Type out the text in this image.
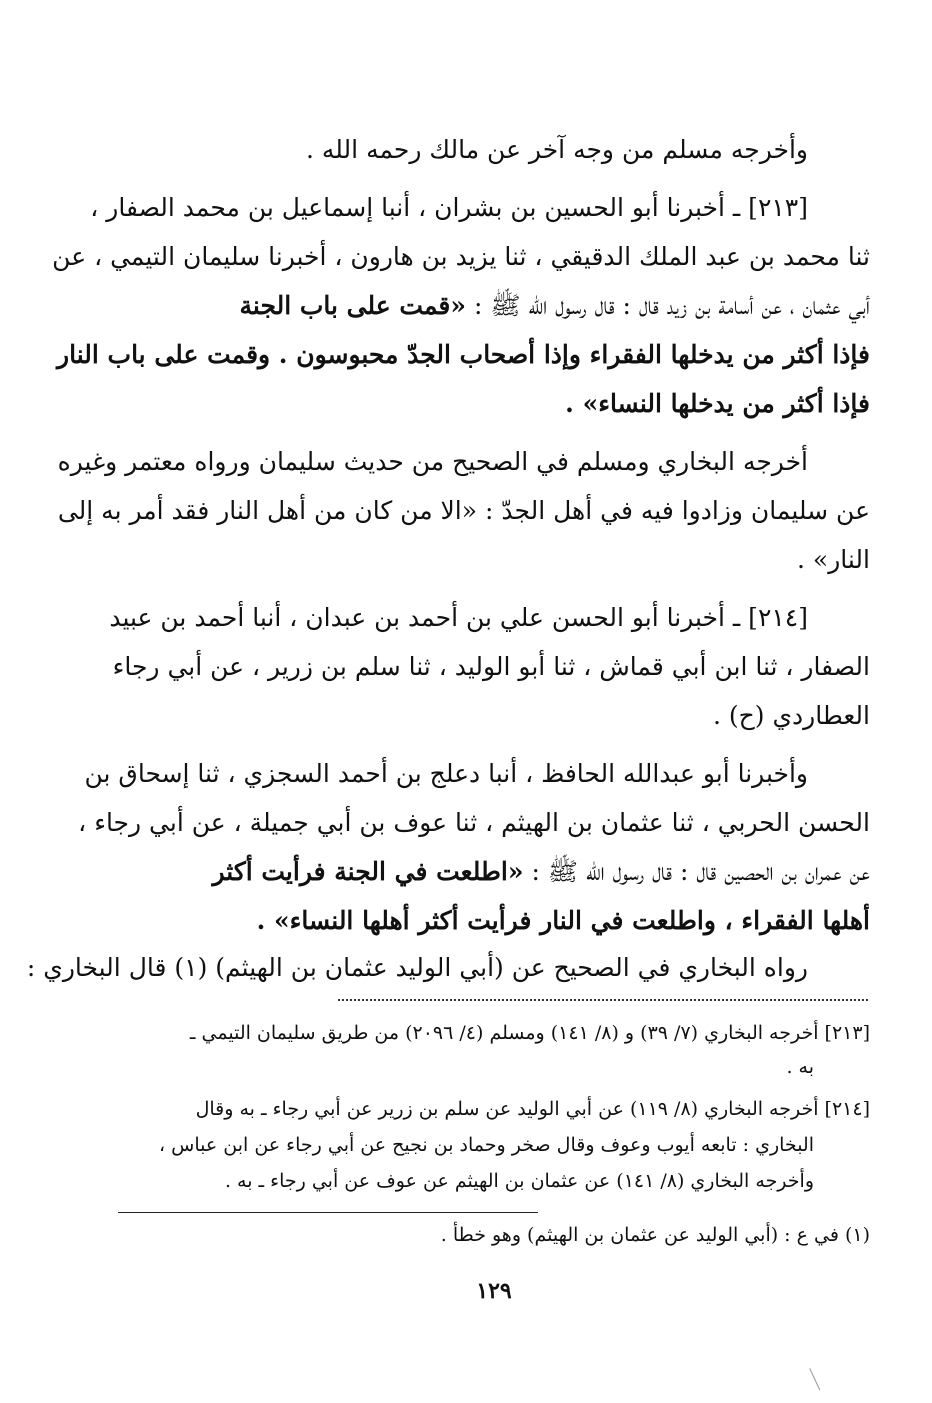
وأخرجه مسلم من وجه آخر عن مالك رحمه الله .
[٢١٣] ـ أخبرنا أبو الحسين بن بشران ، أنبا إسماعيل بن محمد الصفار ،
ثنا محمد بن عبد الملك الدقيقي ، ثنا يزيد بن هارون ، أخبرنا سليمان التيمي ، عن
أبي عثمان ، عن أسامة بن زيد قال : قال رسول الله ﷺ : «قمت على باب الجنة
فإذا أكثر من يدخلها الفقراء وإذا أصحاب الجدّ محبوسون . وقمت على باب النار
فإذا أكثر من يدخلها النساء» .
أخرجه البخاري ومسلم في الصحيح من حديث سليمان ورواه معتمر وغيره
عن سليمان وزادوا فيه في أهل الجدّ : «الا من كان من أهل النار فقد أمر به إلى
النار» .
[٢١٤] ـ أخبرنا أبو الحسن علي بن أحمد بن عبدان ، أنبا أحمد بن عبيد
الصفار ، ثنا ابن أبي قماش ، ثنا أبو الوليد ، ثنا سلم بن زرير ، عن أبي رجاء
العطاردي (ح) .
وأخبرنا أبو عبدالله الحافظ ، أنبا دعلج بن أحمد السجزي ، ثنا إسحاق بن
الحسن الحربي ، ثنا عثمان بن الهيثم ، ثنا عوف بن أبي جميلة ، عن أبي رجاء ،
عن عمران بن الحصين قال : قال رسول الله ﷺ : «اطلعت في الجنة فرأيت أكثر
أهلها الفقراء ، واطلعت في النار فرأيت أكثر أهلها النساء» .
رواه البخاري في الصحيح عن (أبي الوليد عثمان بن الهيثم) (١) قال البخاري :
[٢١٣] أخرجه البخاري (٧/ ٣٩) و (٨/ ١٤١) ومسلم (٤/ ٢٠٩٦) من طريق سليمان التيمي ـ
به .
[٢١٤] أخرجه البخاري (٨/ ١١٩) عن أبي الوليد عن سلم بن زرير عن أبي رجاء ـ به وقال
البخاري : تابعه أيوب وعوف وقال صخر وحماد بن نجيح عن أبي رجاء عن ابن عباس ،
وأخرجه البخاري (٨/ ١٤١) عن عثمان بن الهيثم عن عوف عن أبي رجاء ـ به .
(١) في ع : (أبي الوليد عن عثمان بن الهيثم) وهو خطأ .
١٢٩
